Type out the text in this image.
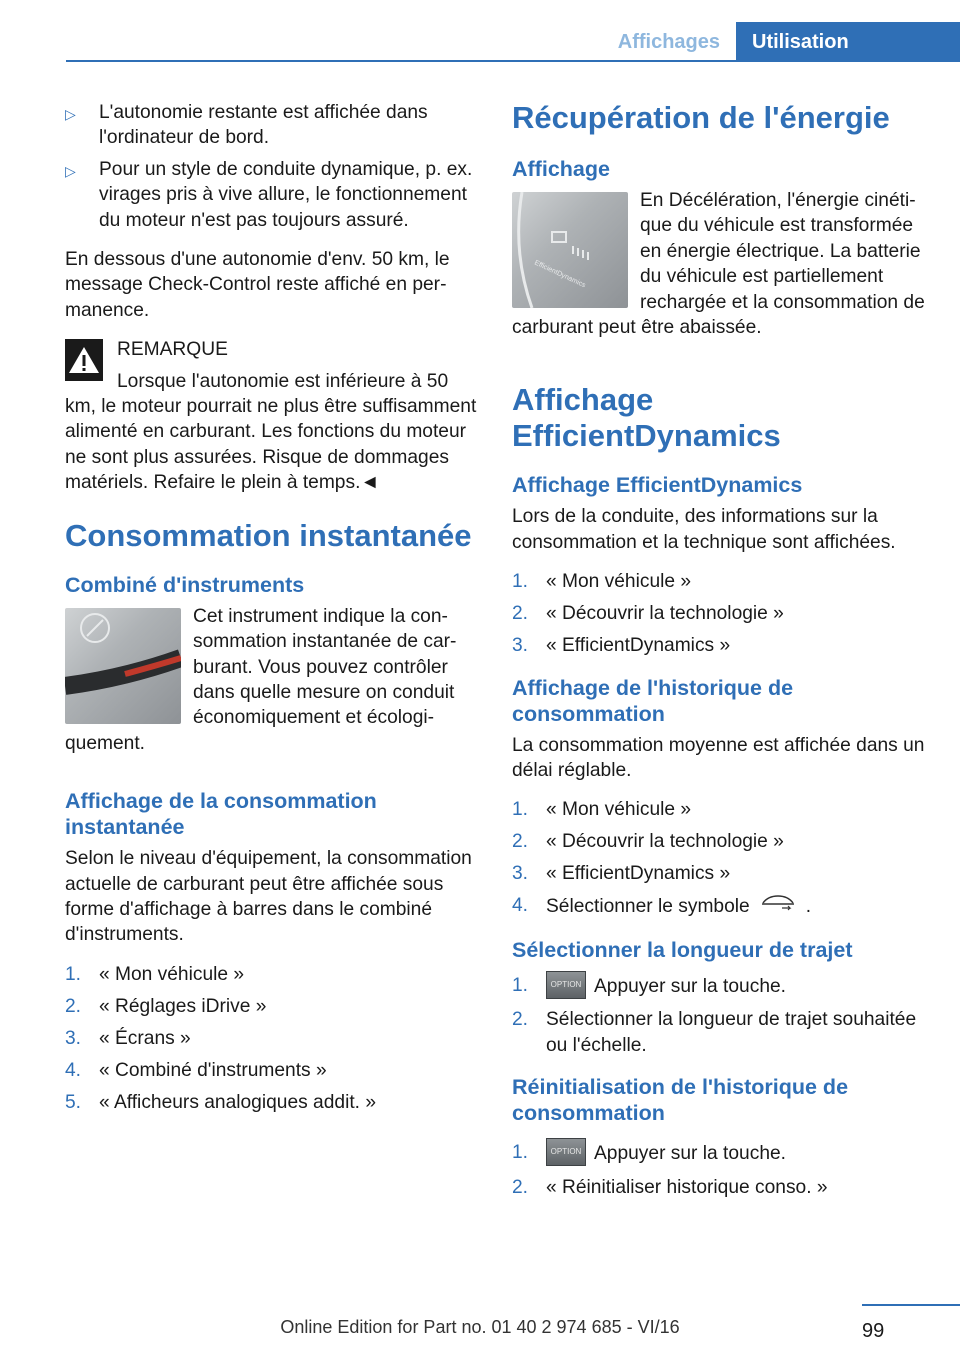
Affichages	Utilisation
▷ L'autonomie restante est affichée dans l'ordinateur de bord.
▷ Pour un style de conduite dynamique, p. ex. virages pris à vive allure, le fonctionnement du moteur n'est pas toujours assuré.

En dessous d'une autonomie d'env. 50 km, le message Check-Control reste affiché en permanence.

REMARQUE
Lorsque l'autonomie est inférieure à 50 km, le moteur pourrait ne plus être suffisamment alimenté en carburant. Les fonctions du moteur ne sont plus assurées. Risque de dommages matériels. Refaire le plein à temps.◄
Consommation instantanée
Combiné d'instruments

Cet instrument indique la consommation instantanée de carburant. Vous pouvez contrôler dans quelle mesure on conduit économiquement et écologiquement.

Affichage de la consommation instantanée

Selon le niveau d'équipement, la consommation actuelle de carburant peut être affichée sous forme d'affichage à barres dans le combiné d'instruments.

1. « Mon véhicule »
2. « Réglages iDrive »
3. « Écrans »
4. « Combiné d'instruments »
5. « Afficheurs analogiques addit. »
Récupération de l'énergie
Affichage
EfficientDynamics

En Décélération, l'énergie cinétique du véhicule est transformée en énergie électrique. La batterie du véhicule est partiellement rechargée et la consommation de carburant peut être abaissée.

Affichage EfficientDynamics
Affichage EfficientDynamics

Lors de la conduite, des informations sur la consommation et la technique sont affichées.

1. « Mon véhicule »
2. « Découvrir la technologie »
3. « EfficientDynamics »
Affichage de l'historique de consommation

La consommation moyenne est affichée dans un délai réglable.

1. « Mon véhicule »
2. « Découvrir la technologie »
3. « EfficientDynamics »
4. Sélectionner le symbole	.
Sélectionner la longueur de trajet
1.	OPTION Appuyer sur la touche.
2. Sélectionner la longueur de trajet souhaitée ou l'échelle.
Réinitialisation de l'historique de consommation
1.	OPTION Appuyer sur la touche.
2. « Réinitialiser historique conso. »
99
Online Edition for Part no. 01 40 2 974 685 - VI/16
